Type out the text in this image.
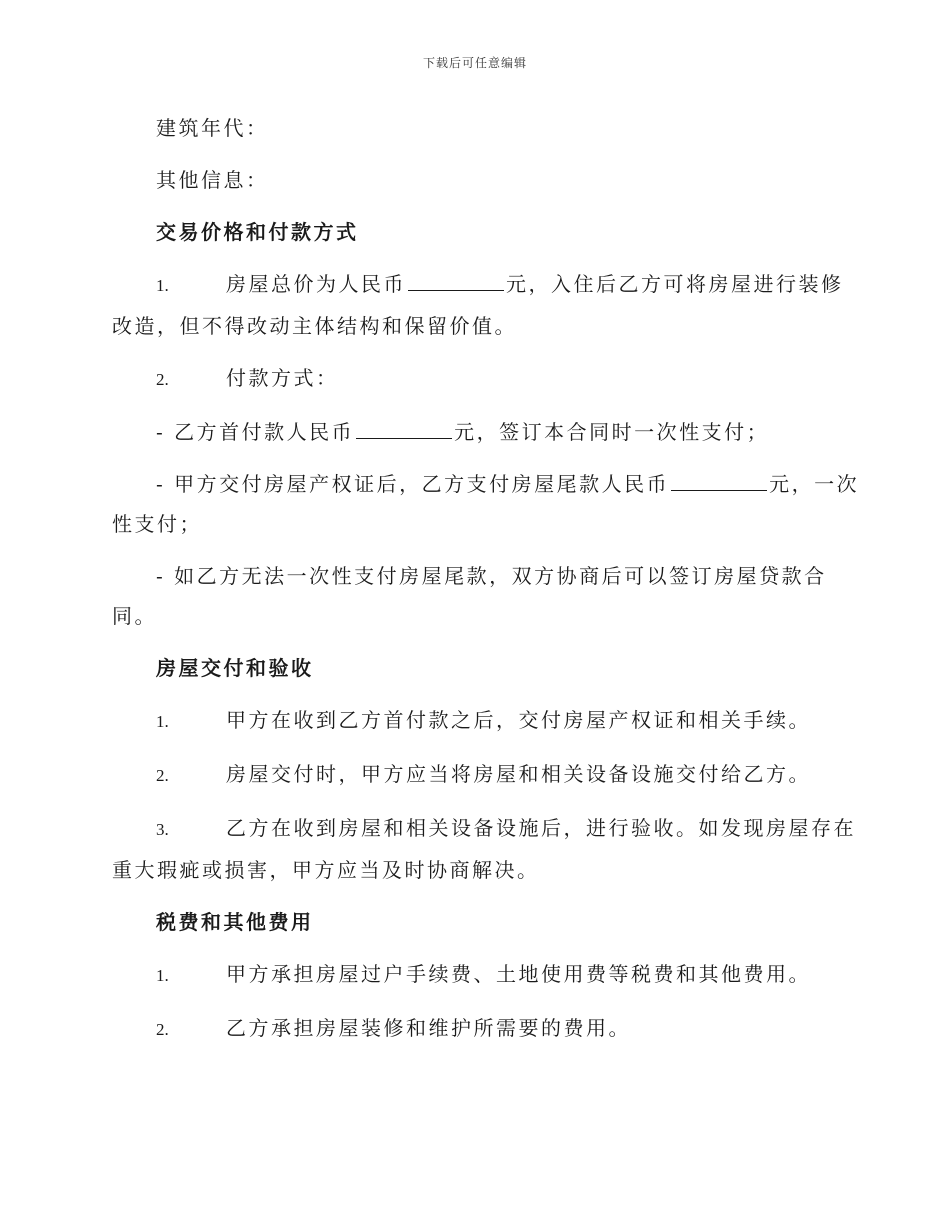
下载后可任意编辑
建筑年代：
其他信息：
交易价格和付款方式
1.	房屋总价为人民币	元，入住后乙方可将房屋进行装修
改造，但不得改动主体结构和保留价值。
2.	付款方式：
- 乙方首付款人民币	元，签订本合同时一次性支付；
- 甲方交付房屋产权证后，乙方支付房屋尾款人民币	元，一次
性支付；
- 如乙方无法一次性支付房屋尾款，双方协商后可以签订房屋贷款合
同。
房屋交付和验收
1.	甲方在收到乙方首付款之后，交付房屋产权证和相关手续。
2.	房屋交付时，甲方应当将房屋和相关设备设施交付给乙方。
3.	乙方在收到房屋和相关设备设施后，进行验收。如发现房屋存在
重大瑕疵或损害，甲方应当及时协商解决。
税费和其他费用
1.	甲方承担房屋过户手续费、土地使用费等税费和其他费用。
2.	乙方承担房屋装修和维护所需要的费用。
